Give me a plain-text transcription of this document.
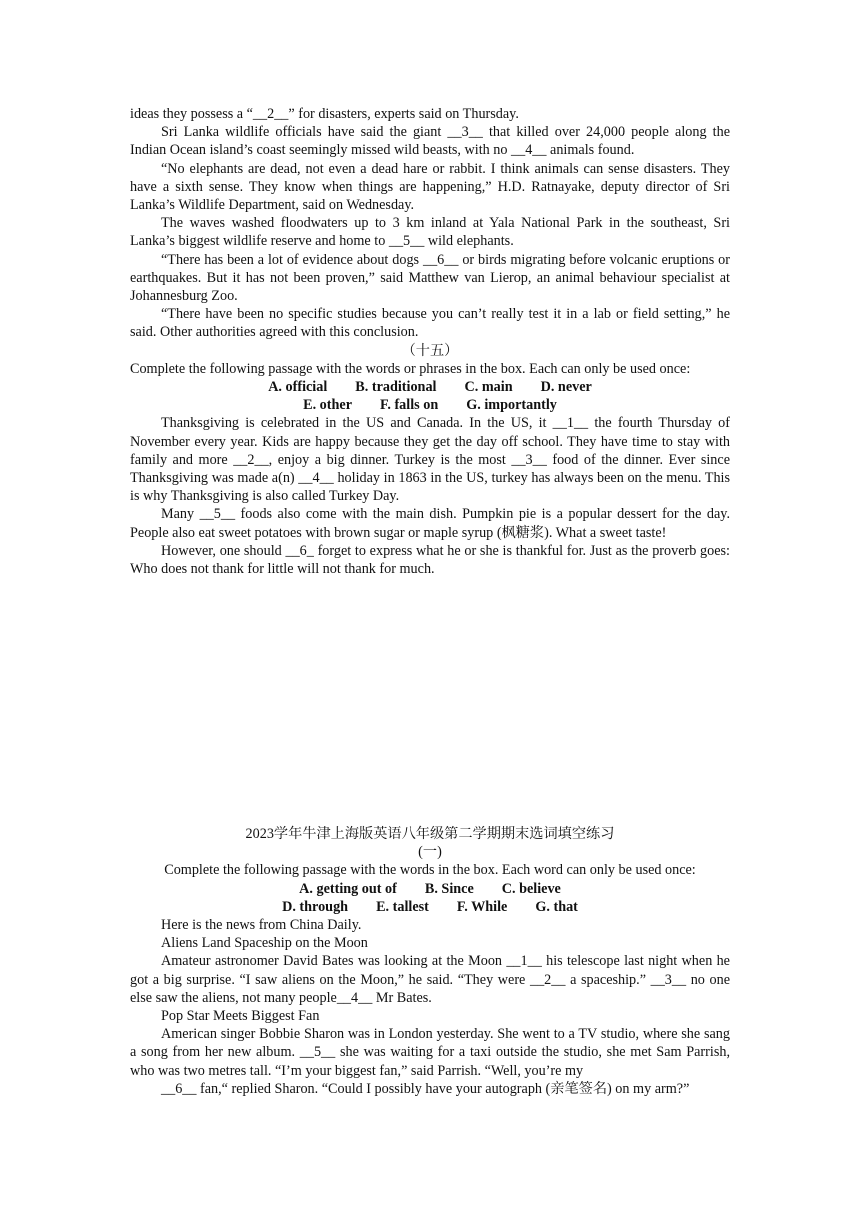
ideas they possess a “__2__” for disasters, experts said on Thursday.

Sri Lanka wildlife officials have said the giant __3__ that killed over 24,000 people along the Indian Ocean island’s coast seemingly missed wild beasts, with no __4__ animals found.

“No elephants are dead, not even a dead hare or rabbit. I think animals can sense disasters. They have a sixth sense. They know when things are happening,” H.D. Ratnayake, deputy director of Sri Lanka’s Wildlife Department, said on Wednesday.

The waves washed floodwaters up to 3 km inland at Yala National Park in the southeast, Sri Lanka’s biggest wildlife reserve and home to __5__ wild elephants.

“There has been a lot of evidence about dogs __6__ or birds migrating before volcanic eruptions or earthquakes. But it has not been proven,” said Matthew van Lierop, an animal behaviour specialist at Johannesburg Zoo.

“There have been no specific studies because you can’t really test it in a lab or field setting,” he said. Other authorities agreed with this conclusion.

（十五）

Complete the following passage with the words or phrases in the box. Each can only be used once:

A. official B. traditional C. main D. never

E. other F. falls on G. importantly

Thanksgiving is celebrated in the US and Canada. In the US, it __1__ the fourth Thursday of November every year. Kids are happy because they get the day off school. They have time to stay with family and more __2__, enjoy a big dinner. Turkey is the most __3__ food of the dinner. Ever since Thanksgiving was made a(n) __4__ holiday in 1863 in the US, turkey has always been on the menu. This is why Thanksgiving is also called Turkey Day.

Many __5__ foods also come with the main dish. Pumpkin pie is a popular dessert for the day. People also eat sweet potatoes with brown sugar or maple syrup (枫糖浆). What a sweet taste!

However, one should __6_ forget to express what he or she is thankful for. Just as the proverb goes: Who does not thank for little will not thank for much.

2023学年牛津上海版英语八年级第二学期期末选词填空练习

(一)

Complete the following passage with the words in the box. Each word can only be used once:

A. getting out of B. Since C. believe

D. through E. tallest F. While G. that

Here is the news from China Daily.

Aliens Land Spaceship on the Moon

Amateur astronomer David Bates was looking at the Moon __1__ his telescope last night when he got a big surprise. “I saw aliens on the Moon,” he said. “They were __2__ a spaceship.” __3__ no one else saw the aliens, not many people__4__ Mr Bates.

Pop Star Meets Biggest Fan

American singer Bobbie Sharon was in London yesterday. She went to a TV studio, where she sang a song from her new album. __5__ she was waiting for a taxi outside the studio, she met Sam Parrish, who was two metres tall. “I’m your biggest fan,” said Parrish. “Well, you’re my

__6__ fan,“ replied Sharon. “Could I possibly have your autograph (亲笔签名) on my arm?”
